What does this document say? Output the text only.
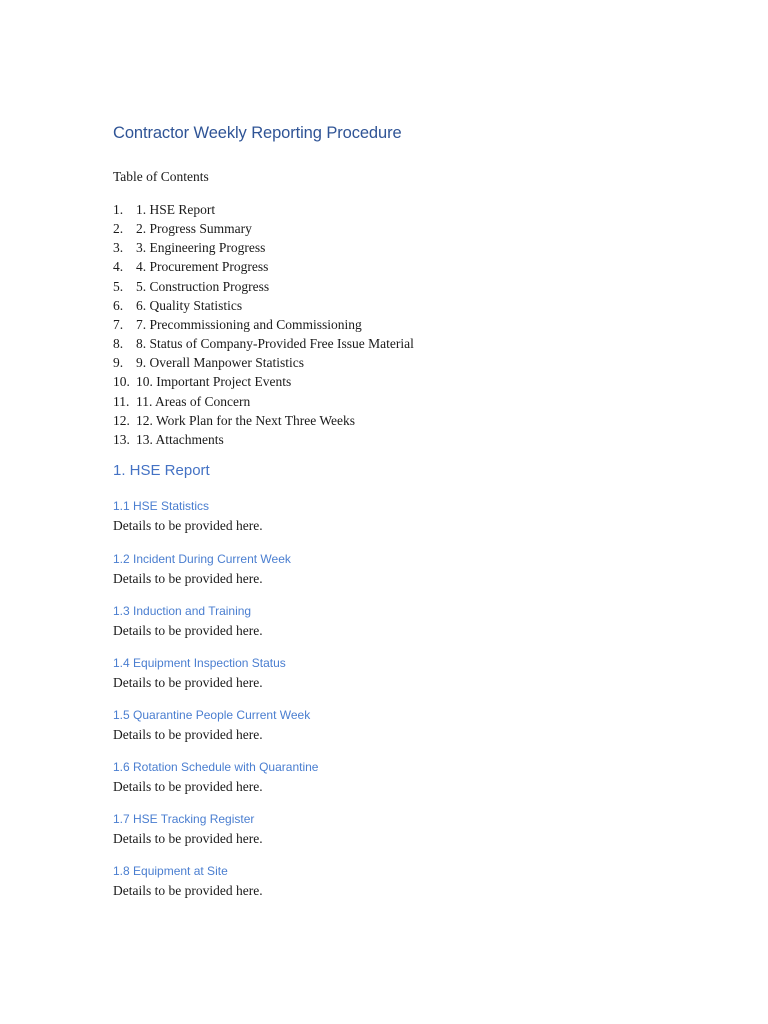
Contractor Weekly Reporting Procedure

Table of Contents

1. 1. HSE Report
2. 2. Progress Summary
3. 3. Engineering Progress
4. 4. Procurement Progress
5. 5. Construction Progress
6. 6. Quality Statistics
7. 7. Precommissioning and Commissioning
8. 8. Status of Company-Provided Free Issue Material
9. 9. Overall Manpower Statistics
10. 10. Important Project Events
11. 11. Areas of Concern
12. 12. Work Plan for the Next Three Weeks
13. 13. Attachments
1. HSE Report
1.1 HSE Statistics

Details to be provided here.

1.2 Incident During Current Week

Details to be provided here.

1.3 Induction and Training

Details to be provided here.

1.4 Equipment Inspection Status

Details to be provided here.

1.5 Quarantine People Current Week

Details to be provided here.

1.6 Rotation Schedule with Quarantine

Details to be provided here.

1.7 HSE Tracking Register

Details to be provided here.

1.8 Equipment at Site

Details to be provided here.
